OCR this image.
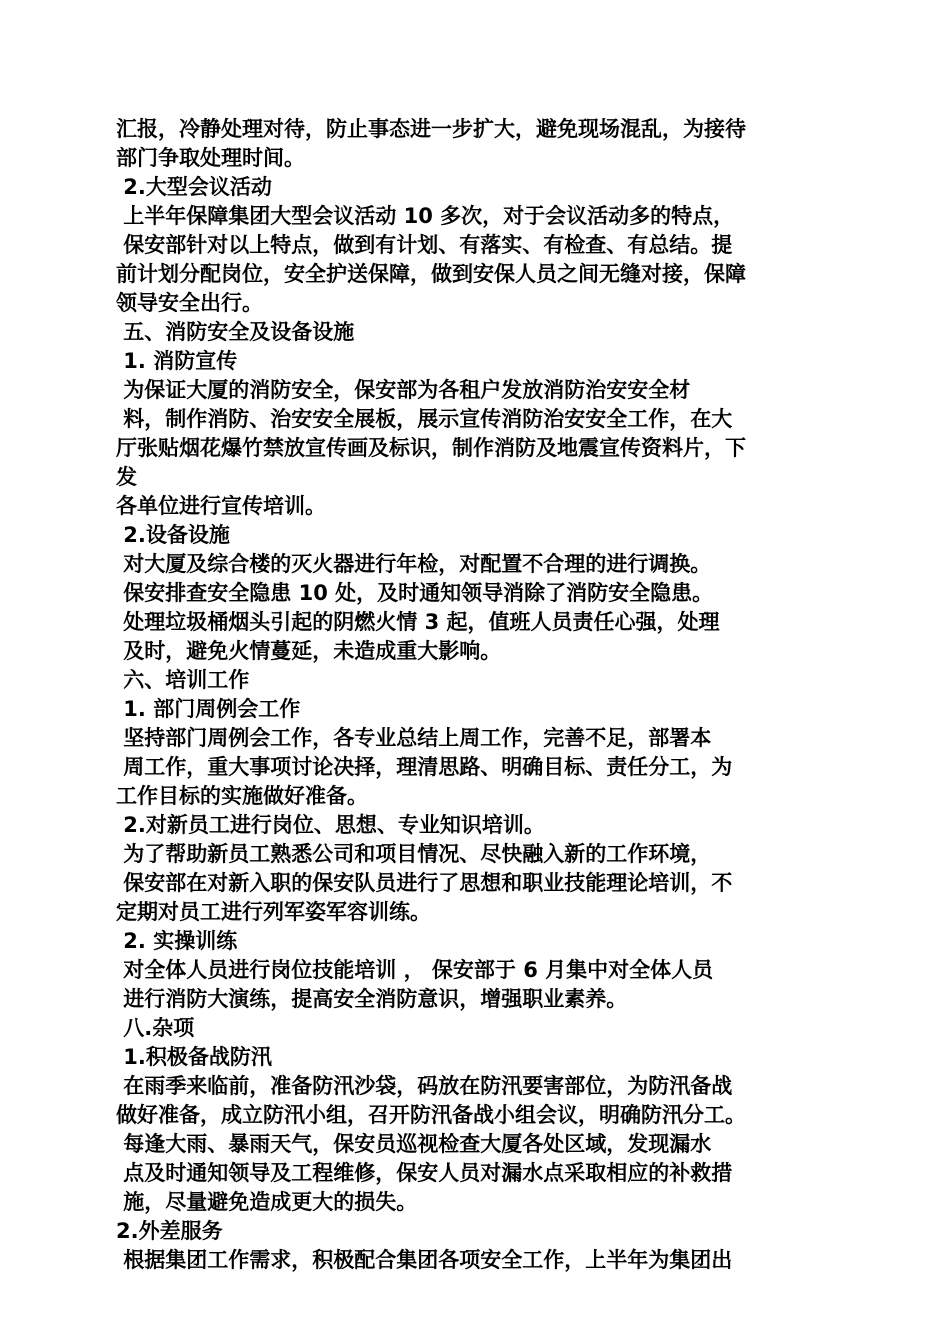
汇报，冷静处理对待，防止事态进一步扩大，避免现场混乱，为接待
部门争取处理时间。
2.大型会议活动
上半年保障集团大型会议活动 10 多次，对于会议活动多的特点，
保安部针对以上特点，做到有计划、有落实、有检查、有总结。提
前计划分配岗位，安全护送保障，做到安保人员之间无缝对接，保障
领导安全出行。
五、消防安全及设备设施
1. 消防宣传
为保证大厦的消防安全，保安部为各租户发放消防治安安全材
料，制作消防、治安安全展板，展示宣传消防治安安全工作，在大
厅张贴烟花爆竹禁放宣传画及标识，制作消防及地震宣传资料片，下
发
各单位进行宣传培训。
2.设备设施
对大厦及综合楼的灭火器进行年检，对配置不合理的进行调换。
保安排查安全隐患 10 处，及时通知领导消除了消防安全隐患。
处理垃圾桶烟头引起的阴燃火情 3 起，值班人员责任心强，处理
及时，避免火情蔓延，未造成重大影响。
六、培训工作
1. 部门周例会工作
坚持部门周例会工作，各专业总结上周工作，完善不足，部署本
周工作，重大事项讨论决择，理清思路、明确目标、责任分工，为
工作目标的实施做好准备。
2.对新员工进行岗位、思想、专业知识培训。
为了帮助新员工熟悉公司和项目情况、尽快融入新的工作环境，
保安部在对新入职的保安队员进行了思想和职业技能理论培训，不
定期对员工进行列军姿军容训练。
2. 实操训练
对全体人员进行岗位技能培训 ， 保安部于 6 月集中对全体人员
进行消防大演练，提高安全消防意识，增强职业素养。
八.杂项
1.积极备战防汛
在雨季来临前，准备防汛沙袋，码放在防汛要害部位，为防汛备战
做好准备，成立防汛小组，召开防汛备战小组会议，明确防汛分工。
每逢大雨、暴雨天气，保安员巡视检查大厦各处区域，发现漏水
点及时通知领导及工程维修，保安人员对漏水点采取相应的补救措
施，尽量避免造成更大的损失。
2.外差服务
根据集团工作需求，积极配合集团各项安全工作，上半年为集团出
